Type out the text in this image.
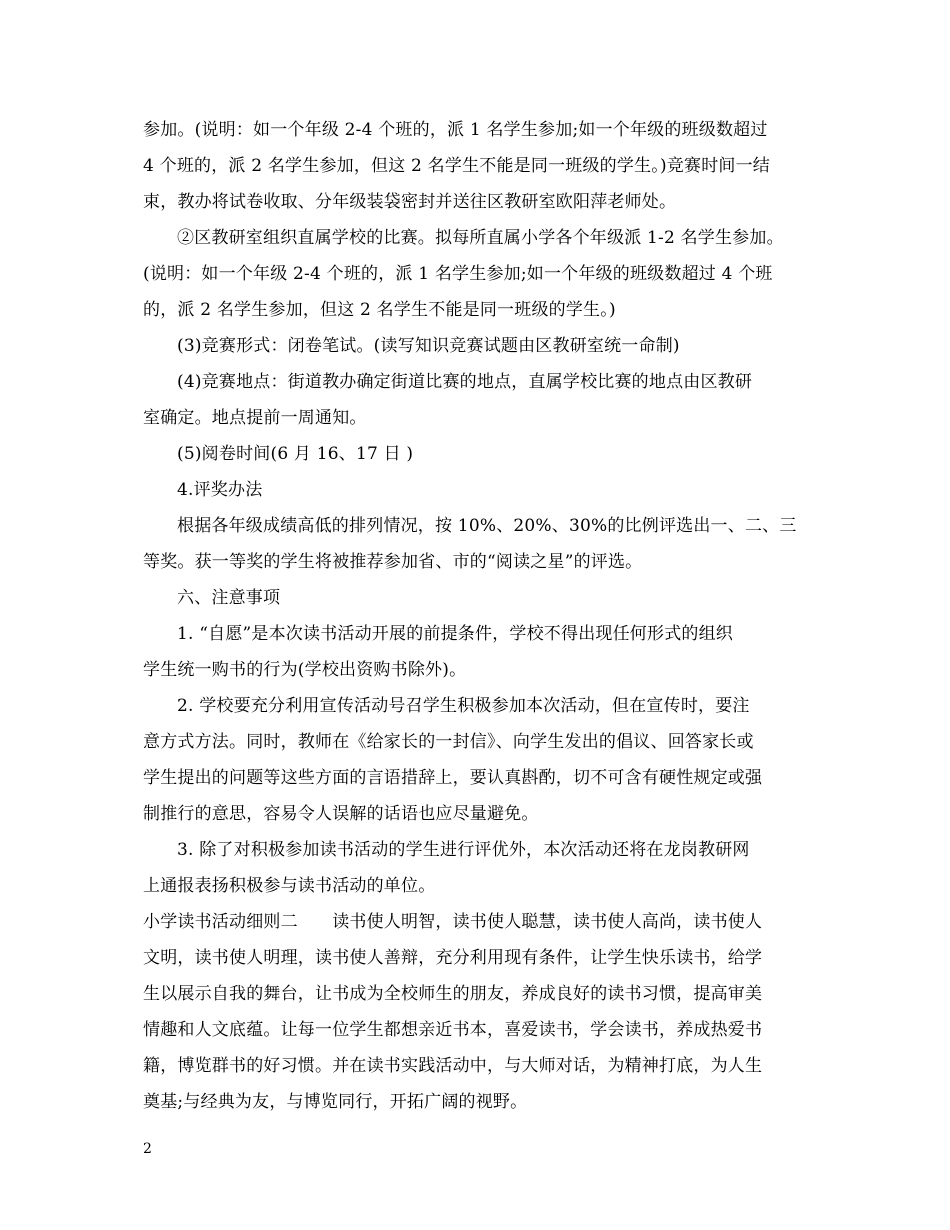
参加。(说明：如一个年级 2-4 个班的，派 1 名学生参加;如一个年级的班级数超过
4 个班的，派 2 名学生参加，但这 2 名学生不能是同一班级的学生。)竞赛时间一结
束，教办将试卷收取、分年级装袋密封并送往区教研室欧阳萍老师处。
②区教研室组织直属学校的比赛。拟每所直属小学各个年级派 1-2 名学生参加。
(说明：如一个年级 2-4 个班的，派 1 名学生参加;如一个年级的班级数超过 4 个班
的，派 2 名学生参加，但这 2 名学生不能是同一班级的学生。)
(3)竞赛形式：闭卷笔试。(读写知识竞赛试题由区教研室统一命制)
(4)竞赛地点：街道教办确定街道比赛的地点，直属学校比赛的地点由区教研
室确定。地点提前一周通知。
(5)阅卷时间(6 月 16、17 日 )
4.评奖办法
根据各年级成绩高低的排列情况，按 10%、20%、30%的比例评选出一、二、三
等奖。获一等奖的学生将被推荐参加省、市的“阅读之星”的评选。
六、注意事项
1. “自愿”是本次读书活动开展的前提条件，学校不得出现任何形式的组织
学生统一购书的行为(学校出资购书除外)。
2. 学校要充分利用宣传活动号召学生积极参加本次活动，但在宣传时，要注
意方式方法。同时，教师在《给家长的一封信》、向学生发出的倡议、回答家长或
学生提出的问题等这些方面的言语措辞上，要认真斟酌，切不可含有硬性规定或强
制推行的意思，容易令人误解的话语也应尽量避免。
3. 除了对积极参加读书活动的学生进行评优外，本次活动还将在龙岗教研网
上通报表扬积极参与读书活动的单位。
小学读书活动细则二　　读书使人明智，读书使人聪慧，读书使人高尚，读书使人
文明，读书使人明理，读书使人善辩，充分利用现有条件，让学生快乐读书，给学
生以展示自我的舞台，让书成为全校师生的朋友，养成良好的读书习惯，提高审美
情趣和人文底蕴。让每一位学生都想亲近书本，喜爱读书，学会读书，养成热爱书
籍，博览群书的好习惯。并在读书实践活动中，与大师对话，为精神打底，为人生
奠基;与经典为友，与博览同行，开拓广阔的视野。
2
